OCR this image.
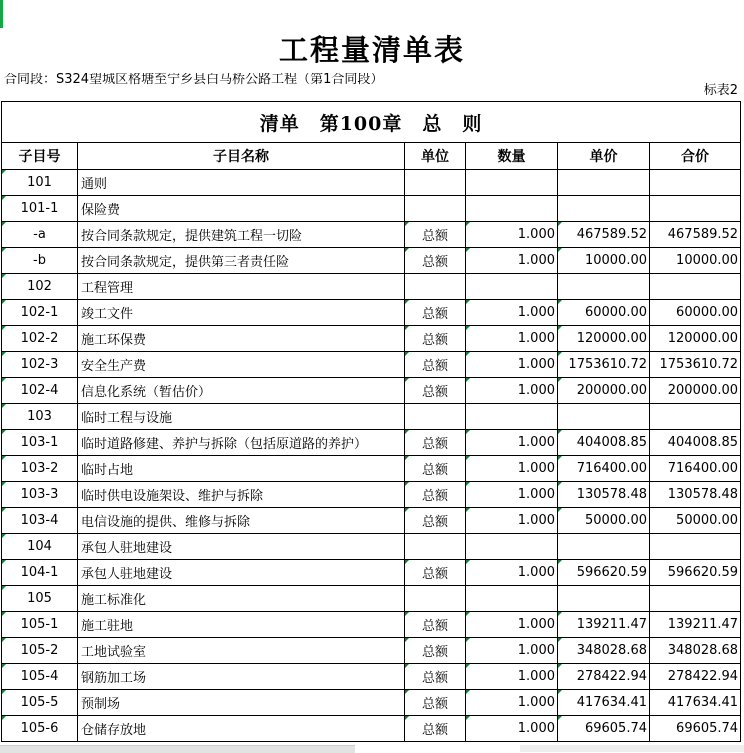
工程量清单表
合同段：S324望城区格塘至宁乡县白马桥公路工程（第1合同段）
标表2
清单　第100章　总　则					
子目号	子目名称	单位	数量	单价	合价
101	通则				
101-1	保险费				
-a	按合同条款规定，提供建筑工程一切险	总额	1.000	467589.52	467589.52
-b	按合同条款规定，提供第三者责任险	总额	1.000	10000.00	10000.00
102	工程管理				
102-1	竣工文件	总额	1.000	60000.00	60000.00
102-2	施工环保费	总额	1.000	120000.00	120000.00
102-3	安全生产费	总额	1.000	1753610.72	1753610.72
102-4	信息化系统（暂估价）	总额	1.000	200000.00	200000.00
103	临时工程与设施				
103-1	临时道路修建、养护与拆除（包括原道路的养护）	总额	1.000	404008.85	404008.85
103-2	临时占地	总额	1.000	716400.00	716400.00
103-3	临时供电设施架设、维护与拆除	总额	1.000	130578.48	130578.48
103-4	电信设施的提供、维修与拆除	总额	1.000	50000.00	50000.00
104	承包人驻地建设				
104-1	承包人驻地建设	总额	1.000	596620.59	596620.59
105	施工标准化				
105-1	施工驻地	总额	1.000	139211.47	139211.47
105-2	工地试验室	总额	1.000	348028.68	348028.68
105-4	钢筋加工场	总额	1.000	278422.94	278422.94
105-5	预制场	总额	1.000	417634.41	417634.41
105-6	仓储存放地	总额	1.000	69605.74	69605.74
